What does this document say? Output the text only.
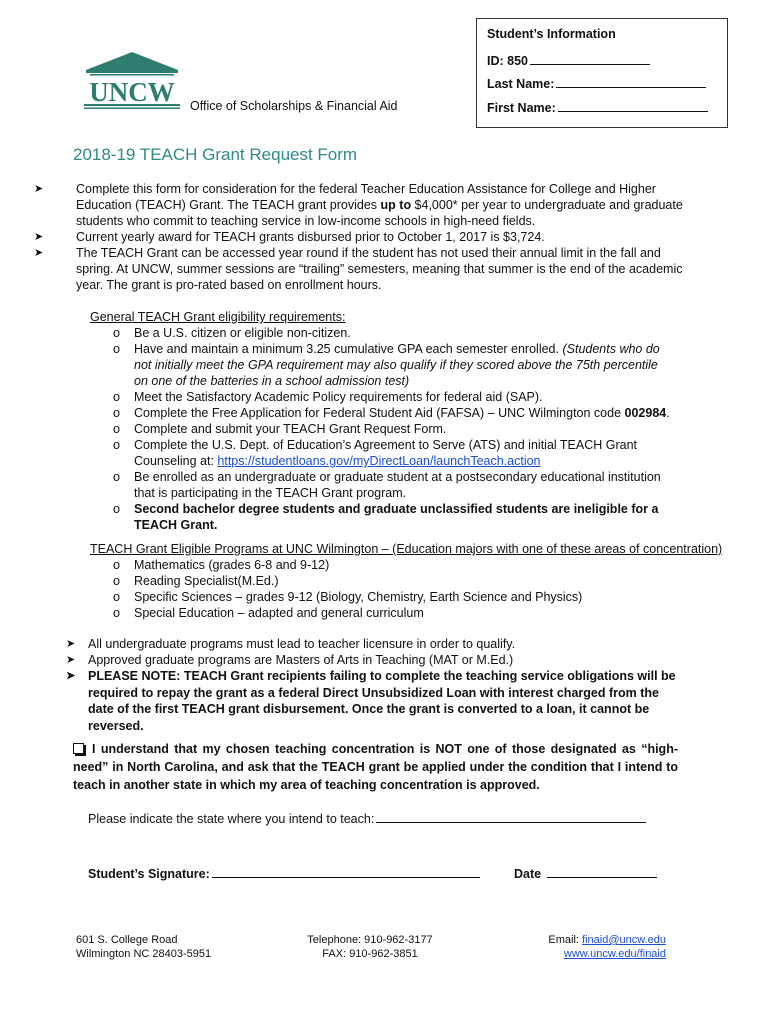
Student’s Information
ID: 850
Last Name:
First Name:
UNCW Office of Scholarships & Financial Aid
2018-19 TEACH Grant Request Form

➤	Complete this form for consideration for the federal Teacher Education Assistance for College and Higher Education (TEACH) Grant. The TEACH grant provides up to $4,000* per year to undergraduate and graduate students who commit to teaching service in low-income schools in high-need fields.

➤	Current yearly award for TEACH grants disbursed prior to October 1, 2017 is $3,724.

➤	The TEACH Grant can be accessed year round if the student has not used their annual limit in the fall and spring. At UNCW, summer sessions are “trailing” semesters, meaning that summer is the end of the academic year. The grant is pro-rated based on enrollment hours.

General TEACH Grant eligibility requirements:
o Be a U.S. citizen or eligible non-citizen.
o Have and maintain a minimum 3.25 cumulative GPA each semester enrolled. (Students who do not initially meet the GPA requirement may also qualify if they scored above the 75th percentile on one of the batteries in a school admission test)
o Meet the Satisfactory Academic Policy requirements for federal aid (SAP).
o Complete the Free Application for Federal Student Aid (FAFSA) – UNC Wilmington code 002984.
o Complete and submit your TEACH Grant Request Form.
o Complete the U.S. Dept. of Education’s Agreement to Serve (ATS) and initial TEACH Grant Counseling at: https://studentloans.gov/myDirectLoan/launchTeach.action
o Be enrolled as an undergraduate or graduate student at a postsecondary educational institution that is participating in the TEACH Grant program.
o Second bachelor degree students and graduate unclassified students are ineligible for a TEACH Grant.
TEACH Grant Eligible Programs at UNC Wilmington – (Education majors with one of these areas of concentration)
o Mathematics (grades 6-8 and 9-12)
o Reading Specialist(M.Ed.)
o Specific Sciences – grades 9-12 (Biology, Chemistry, Earth Science and Physics)
o Special Education – adapted and general curriculum

➤ All undergraduate programs must lead to teacher licensure in order to qualify.

➤ Approved graduate programs are Masters of Arts in Teaching (MAT or M.Ed.)

➤ PLEASE NOTE: TEACH Grant recipients failing to complete the teaching service obligations will be required to repay the grant as a federal Direct Unsubsidized Loan with interest charged from the date of the first TEACH grant disbursement. Once the grant is converted to a loan, it cannot be reversed.

I understand that my chosen teaching concentration is NOT one of those designated as “high-need” in North Carolina, and ask that the TEACH grant be applied under the condition that I intend to teach in another state in which my area of teaching concentration is approved.
Please indicate the state where you intend to teach:
Student’s Signature:	Date
601 S. College Road
Wilmington NC 28403-5951
Telephone: 910-962-3177
FAX: 910-962-3851
Email: finaid@uncw.edu
www.uncw.edu/finaid
